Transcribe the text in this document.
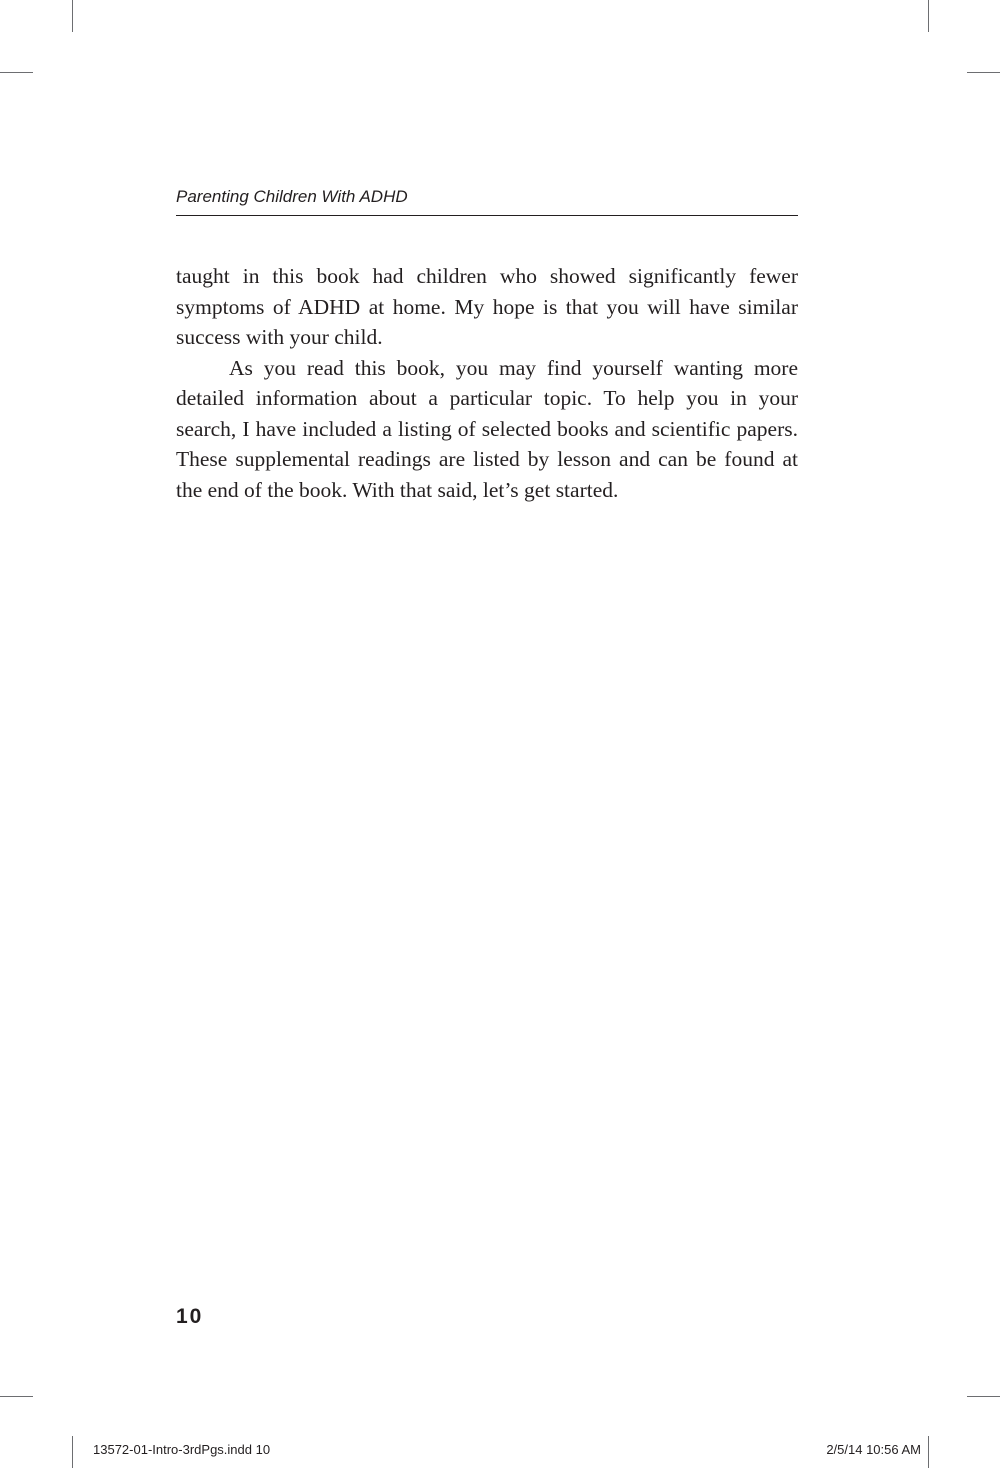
Parenting Children With ADHD

taught in this book had children who showed significantly fewer symptoms of ADHD at home. My hope is that you will have similar success with your child.

As you read this book, you may find yourself wanting more detailed information about a particular topic. To help you in your search, I have included a listing of selected books and scientific papers. These supplemental readings are listed by lesson and can be found at the end of the book. With that said, let’s get started.

10
13572-01-Intro-3rdPgs.indd 10	2/5/14 10:56 AM
